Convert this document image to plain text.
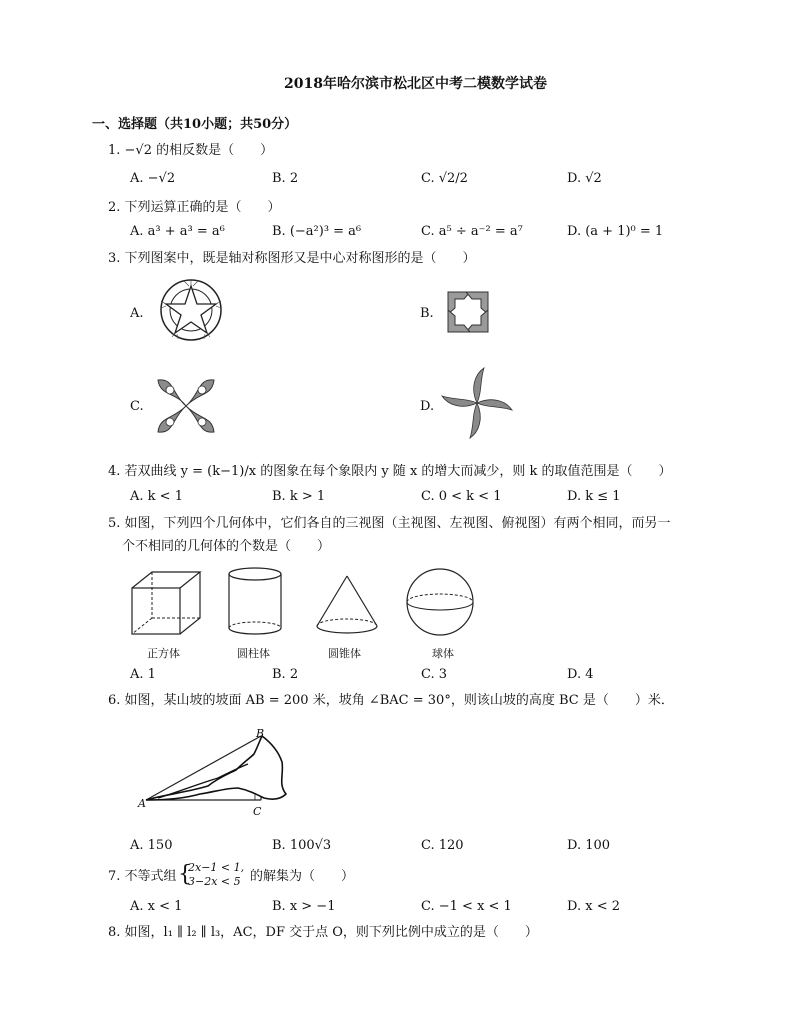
2018年哈尔滨市松北区中考二模数学试卷
一、选择题（共10小题；共50分）
1. −√2 的相反数是（　　）
A. −√2	B. 2	C. √2/2	D. √2
2. 下列运算正确的是（　　）
A. a³ + a³ = a⁶	B. (−a²)³ = a⁶	C. a⁵ ÷ a⁻² = a⁷	D. (a + 1)⁰ = 1
3. 下列图案中，既是轴对称图形又是中心对称图形的是（　　）
A.	B.
C.	D.
4. 若双曲线 y = (k−1)/x 的图象在每个象限内 y 随 x 的增大而减少，则 k 的取值范围是（　　）
A. k < 1	B. k > 1	C. 0 < k < 1	D. k ≤ 1
5. 如图，下列四个几何体中，它们各自的三视图（主视图、左视图、俯视图）有两个相同，而另一
个不相同的几何体的个数是（　　）
正方体	圆柱体	圆锥体	球体
A. 1	B. 2	C. 3	D. 4
6. 如图，某山坡的坡面 AB = 200 米，坡角 ∠BAC = 30°，则该山坡的高度 BC 是（　　）米．
A
B
C
A. 150	B. 100√3	C. 120	D. 100
7. 不等式组 {
2x−1 < 1,
3−2x < 5 的解集为（　　）
A. x < 1	B. x > −1	C. −1 < x < 1	D. x < 2
8. 如图，l₁ ∥ l₂ ∥ l₃，AC，DF 交于点 O，则下列比例中成立的是（　　）
